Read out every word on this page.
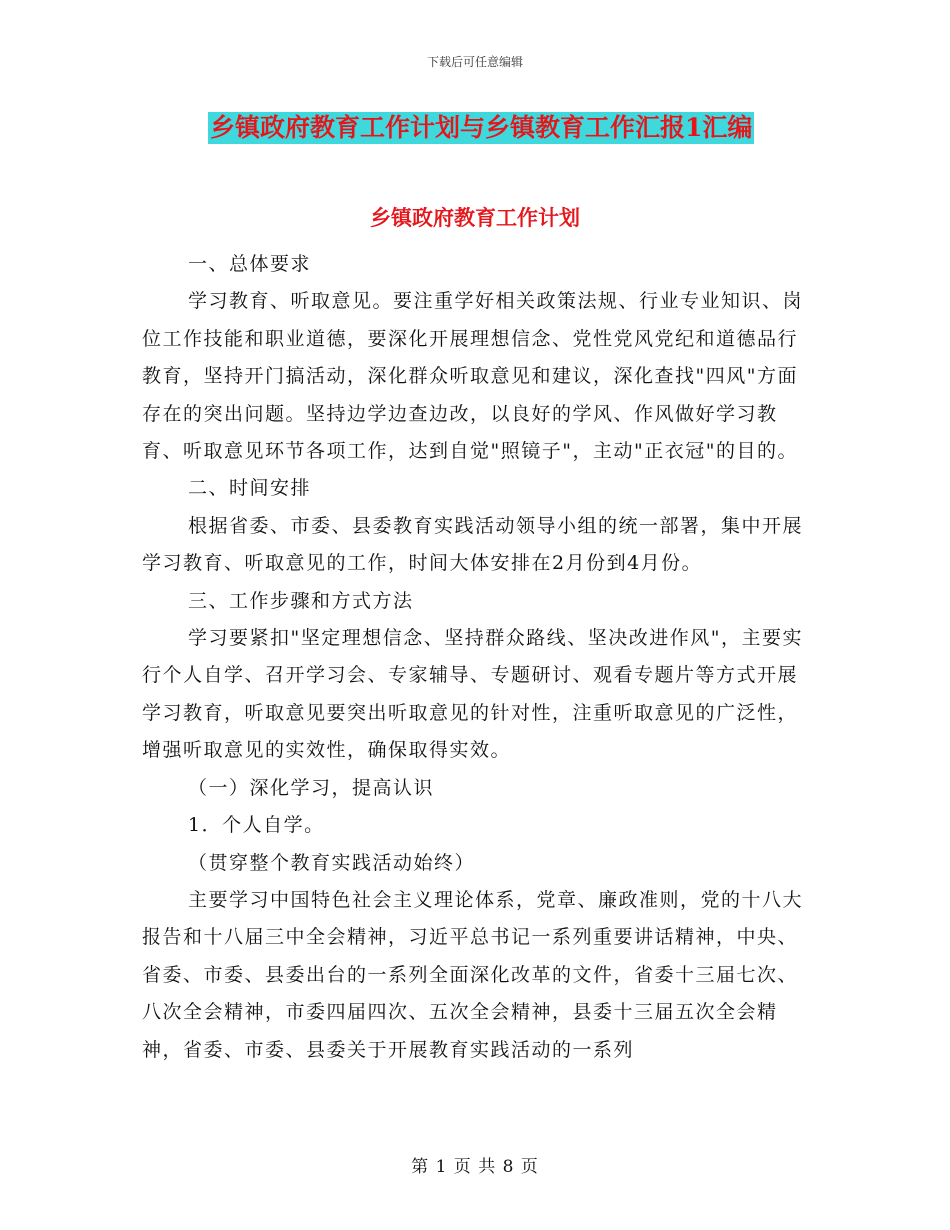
下载后可任意编辑
乡镇政府教育工作计划与乡镇教育工作汇报1汇编
乡镇政府教育工作计划

一、总体要求

学习教育、听取意见。要注重学好相关政策法规、行业专业知识、岗位工作技能和职业道德，要深化开展理想信念、党性党风党纪和道德品行教育，坚持开门搞活动，深化群众听取意见和建议，深化查找"四风"方面存在的突出问题。坚持边学边查边改，以良好的学风、作风做好学习教育、听取意见环节各项工作，达到自觉"照镜子"，主动"正衣冠"的目的。

二、时间安排

根据省委、市委、县委教育实践活动领导小组的统一部署，集中开展学习教育、听取意见的工作，时间大体安排在2月份到4月份。

三、工作步骤和方式方法

学习要紧扣"坚定理想信念、坚持群众路线、坚决改进作风"，主要实行个人自学、召开学习会、专家辅导、专题研讨、观看专题片等方式开展学习教育，听取意见要突出听取意见的针对性，注重听取意见的广泛性，增强听取意见的实效性，确保取得实效。

（一）深化学习，提高认识

1．个人自学。

（贯穿整个教育实践活动始终）

主要学习中国特色社会主义理论体系，党章、廉政准则，党的十八大报告和十八届三中全会精神，习近平总书记一系列重要讲话精神，中央、省委、市委、县委出台的一系列全面深化改革的文件，省委十三届七次、八次全会精神，市委四届四次、五次全会精神，县委十三届五次全会精神，省委、市委、县委关于开展教育实践活动的一系列

第 1 页 共 8 页
